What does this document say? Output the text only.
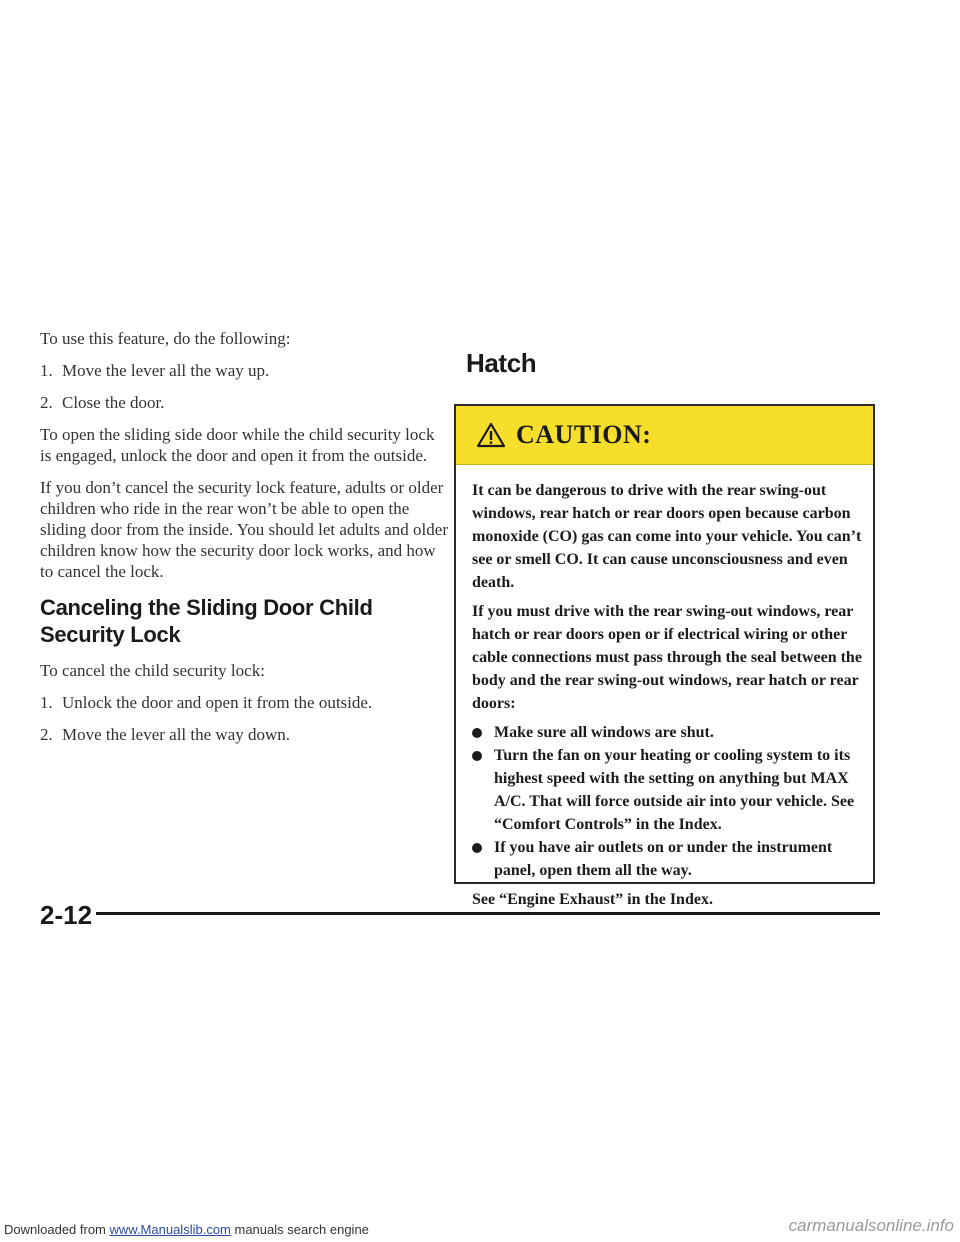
To use this feature, do the following:

1. Move the lever all the way up.
2. Close the door.

To open the sliding side door while the child security lock is engaged, unlock the door and open it from the outside.

If you don’t cancel the security lock feature, adults or older children who ride in the rear won’t be able to open the sliding door from the inside. You should let adults and older children know how the security door lock works, and how to cancel the lock.

Canceling the Sliding Door Child
Security Lock

To cancel the child security lock:

1. Unlock the door and open it from the outside.
2. Move the lever all the way down.
Hatch
CAUTION:

It can be dangerous to drive with the rear swing-out windows, rear hatch or rear doors open because carbon monoxide (CO) gas can come into your vehicle. You can’t see or smell CO. It can cause unconsciousness and even death.

If you must drive with the rear swing-out windows, rear hatch or rear doors open or if electrical wiring or other cable connections must pass through the seal between the body and the rear swing-out windows, rear hatch or rear doors:

Make sure all windows are shut.
Turn the fan on your heating or cooling system to its highest speed with the setting on anything but MAX A/C. That will force outside air into your vehicle. See “Comfort Controls” in the Index.
If you have air outlets on or under the instrument panel, open them all the way.

See “Engine Exhaust” in the Index.

2-12
Downloaded from www.Manualslib.com manuals search engine	carmanualsonline.info
